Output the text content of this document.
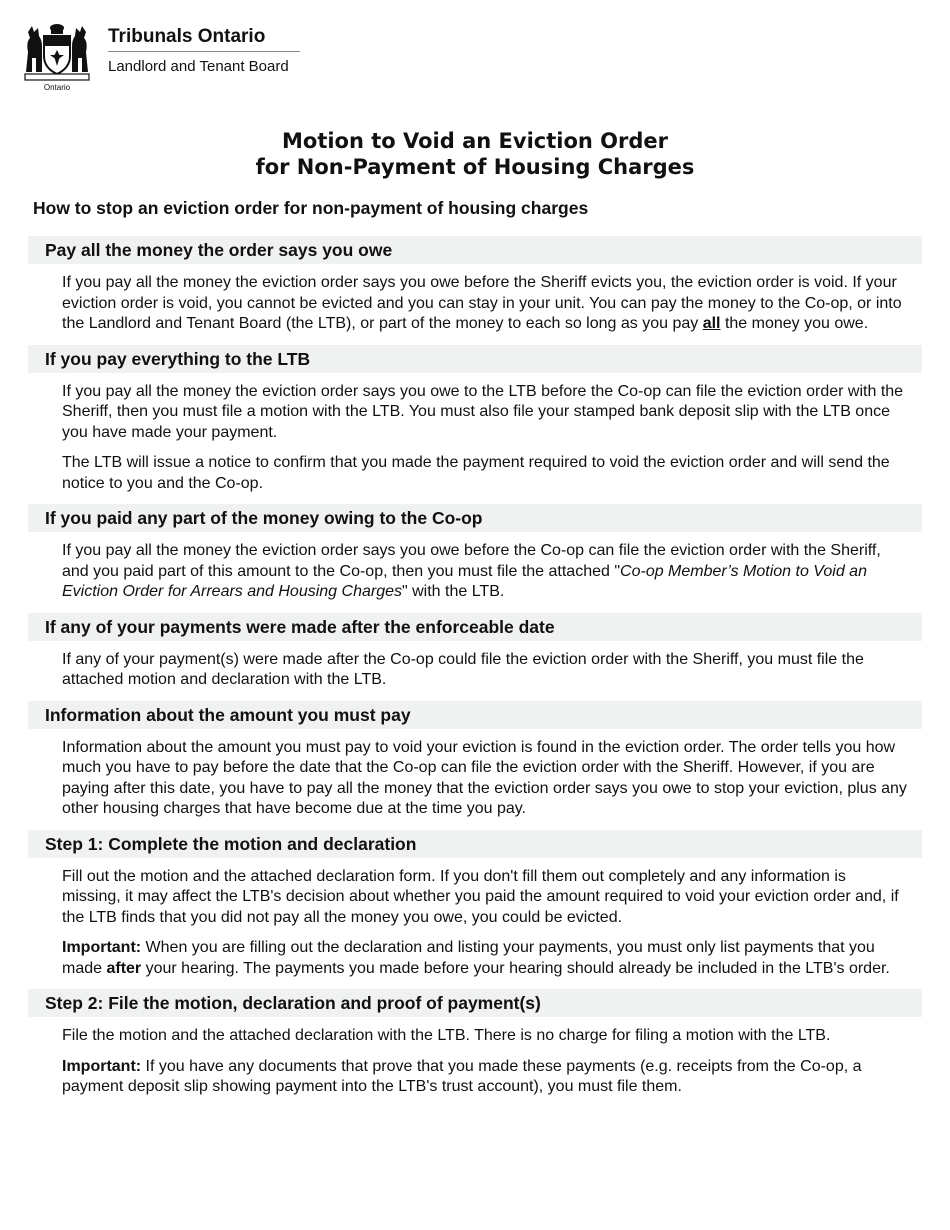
Ontario
Tribunals Ontario
Landlord and Tenant Board
Motion to Void an Eviction Order
for Non-Payment of Housing Charges
How to stop an eviction order for non-payment of housing charges
Pay all the money the order says you owe

If you pay all the money the eviction order says you owe before the Sheriff evicts you, the eviction order is void. If your eviction order is void, you cannot be evicted and you can stay in your unit. You can pay the money to the Co-op, or into the Landlord and Tenant Board (the LTB), or part of the money to each so long as you pay all the money you owe.

If you pay everything to the LTB

If you pay all the money the eviction order says you owe to the LTB before the Co-op can file the eviction order with the Sheriff, then you must file a motion with the LTB. You must also file your stamped bank deposit slip with the LTB once you have made your payment.

The LTB will issue a notice to confirm that you made the payment required to void the eviction order and will send the notice to you and the Co-op.

If you paid any part of the money owing to the Co-op

If you pay all the money the eviction order says you owe before the Co-op can file the eviction order with the Sheriff, and you paid part of this amount to the Co-op, then you must file the attached "Co-op Member’s Motion to Void an Eviction Order for Arrears and Housing Charges" with the LTB.

If any of your payments were made after the enforceable date

If any of your payment(s) were made after the Co-op could file the eviction order with the Sheriff, you must file the attached motion and declaration with the LTB.

Information about the amount you must pay

Information about the amount you must pay to void your eviction is found in the eviction order. The order tells you how much you have to pay before the date that the Co-op can file the eviction order with the Sheriff. However, if you are paying after this date, you have to pay all the money that the eviction order says you owe to stop your eviction, plus any other housing charges that have become due at the time you pay.

Step 1: Complete the motion and declaration

Fill out the motion and the attached declaration form. If you don't fill them out completely and any information is missing, it may affect the LTB's decision about whether you paid the amount required to void your eviction order and, if the LTB finds that you did not pay all the money you owe, you could be evicted.

Important: When you are filling out the declaration and listing your payments, you must only list payments that you made after your hearing. The payments you made before your hearing should already be included in the LTB's order.

Step 2: File the motion, declaration and proof of payment(s)

File the motion and the attached declaration with the LTB. There is no charge for filing a motion with the LTB.

Important: If you have any documents that prove that you made these payments (e.g. receipts from the Co-op, a payment deposit slip showing payment into the LTB's trust account), you must file them.
